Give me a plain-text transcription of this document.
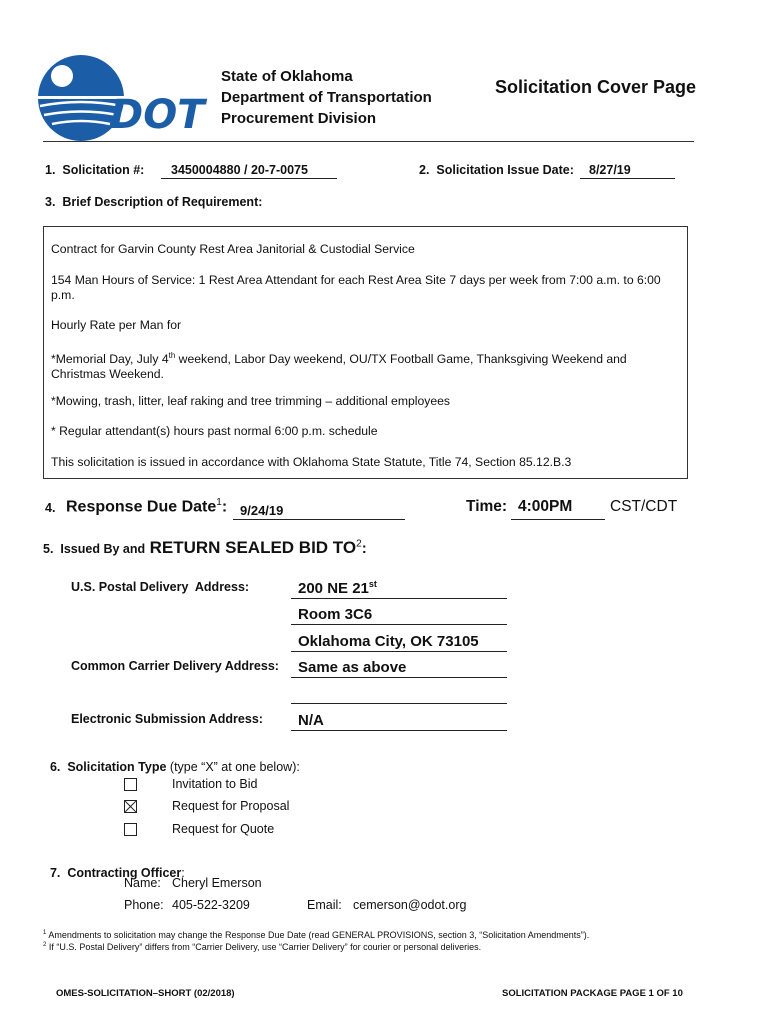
DOT
State of Oklahoma
Department of Transportation
Procurement Division
Solicitation Cover Page
1.  Solicitation #: 3450004880 / 20-7-0075	2.  Solicitation Issue Date: 8/27/19
3.  Brief Description of Requirement:

Contract for Garvin County Rest Area Janitorial & Custodial Service

154 Man Hours of Service: 1 Rest Area Attendant for each Rest Area Site 7 days per week from 7:00 a.m. to 6:00 p.m.

Hourly Rate per Man for

*Memorial Day, July 4th weekend, Labor Day weekend, OU/TX Football Game, Thanksgiving Weekend and Christmas Weekend.

*Mowing, trash, litter, leaf raking and tree trimming – additional employees

* Regular attendant(s) hours past normal 6:00 p.m. schedule

This solicitation is issued in accordance with Oklahoma State Statute, Title 74, Section 85.12.B.3

4. Response Due Date$^1$: 9/24/19	Time: 4:00PM CST/CDT
5.  Issued By and RETURN SEALED BID $TO^2$:
U.S. Postal Delivery  Address:	200 NE 21st
Room 3C6
Oklahoma City, OK 73105
Common Carrier Delivery Address: Same as above
Electronic Submission Address: N/A

6.  Solicitation Type (type “X” at one below):

Invitation to Bid
Request for Proposal
Request for Quote

7.  Contracting Officer:

Name: Cheryl Emerson
Phone: 405-522-3209	Email: cemerson@odot.org
$^1$ Amendments to solicitation may change the Response Due Date (read GENERAL PROVISIONS, section 3, “Solicitation Amendments”).
$^2$ If “U.S. Postal Delivery” differs from “Carrier Delivery, use “Carrier Delivery” for courier or personal deliveries.
OMES-SOLICITATION–SHORT (02/2018)	SOLICITATION PACKAGE PAGE 1 OF 10
